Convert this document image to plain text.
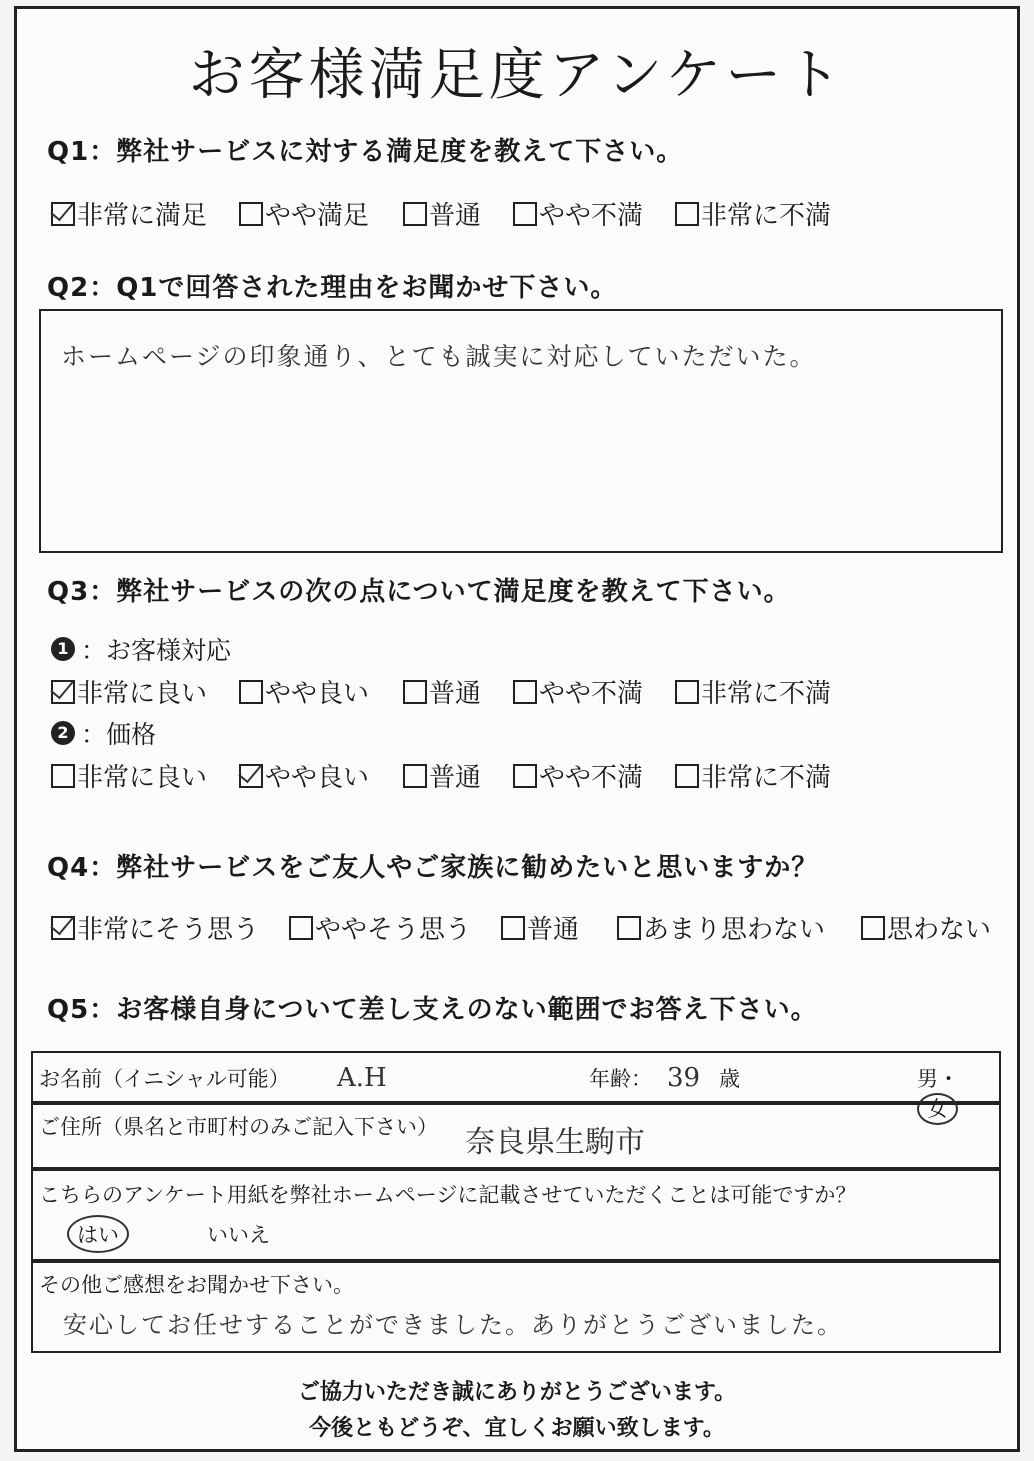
お客様満足度アンケート
Q1：弊社サービスに対する満足度を教えて下さい。
非常に満足 やや満足 普通 やや不満 非常に不満
Q2：Q1で回答された理由をお聞かせ下さい。
ホームページの印象通り、とても誠実に対応していただいた。
Q3：弊社サービスの次の点について満足度を教えて下さい。
1 ：お客様対応
非常に良い やや良い 普通 やや不満 非常に不満
2 ：価格
非常に良い やや良い 普通 やや不満 非常に不満
Q4：弊社サービスをご友人やご家族に勧めたいと思いますか？
非常にそう思う ややそう思う 普通 あまり思わない 思わない
Q5：お客様自身について差し支えのない範囲でお答え下さい。
お名前（イニシャル可能） A.H	年齢： 39 歳	男・女
ご住所（県名と市町村のみご記入下さい） 奈良県生駒市
こちらのアンケート用紙を弊社ホームページに記載させていただくことは可能ですか？
はい	いいえ
その他ご感想をお聞かせ下さい。
安心してお任せすることができました。ありがとうございました。
ご協力いただき誠にありがとうございます。
今後ともどうぞ、宜しくお願い致します。
